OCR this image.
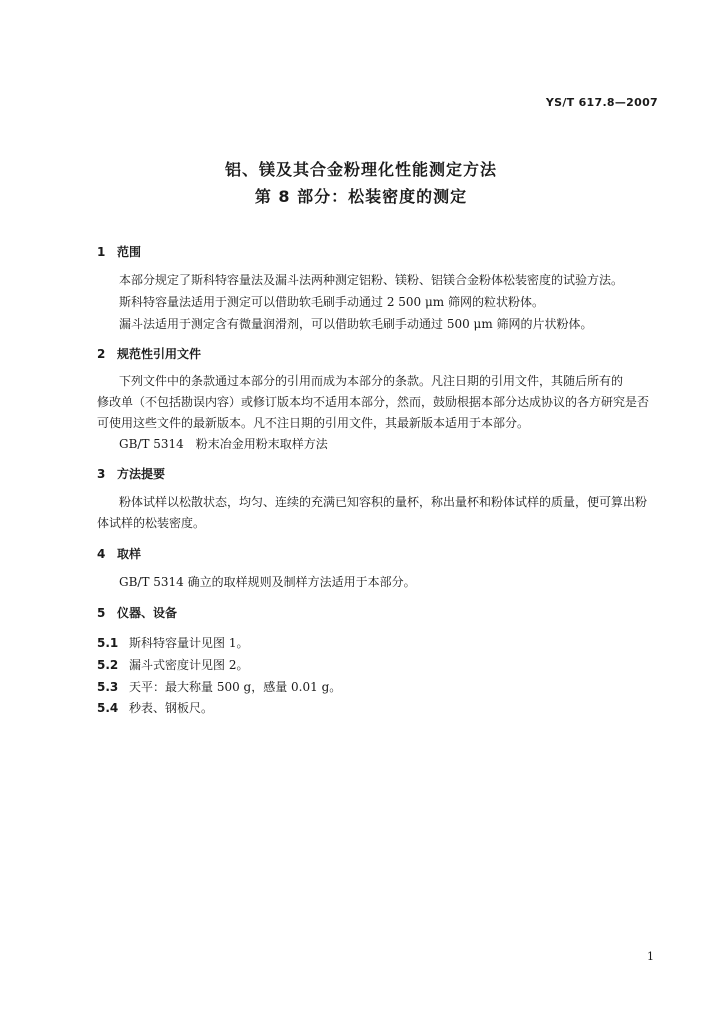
YS/T 617.8—2007
铝、镁及其合金粉理化性能测定方法
第 8 部分：松装密度的测定
1 范围
本部分规定了斯科特容量法及漏斗法两种测定铝粉、镁粉、铝镁合金粉体松装密度的试验方法。
斯科特容量法适用于测定可以借助软毛刷手动通过 2 500 μm 筛网的粒状粉体。
漏斗法适用于测定含有微量润滑剂，可以借助软毛刷手动通过 500 μm 筛网的片状粉体。
2 规范性引用文件
下列文件中的条款通过本部分的引用而成为本部分的条款。凡注日期的引用文件，其随后所有的
修改单（不包括勘误内容）或修订版本均不适用本部分，然而，鼓励根据本部分达成协议的各方研究是否
可使用这些文件的最新版本。凡不注日期的引用文件，其最新版本适用于本部分。
GB/T 5314　粉末冶金用粉末取样方法
3 方法提要
粉体试样以松散状态，均匀、连续的充满已知容积的量杯，称出量杯和粉体试样的质量，便可算出粉
体试样的松装密度。
4 取样
GB/T 5314 确立的取样规则及制样方法适用于本部分。
5 仪器、设备
5.1 斯科特容量计见图 1。
5.2 漏斗式密度计见图 2。
5.3 天平：最大称量 500 g，感量 0.01 g。
5.4 秒表、钢板尺。
1
